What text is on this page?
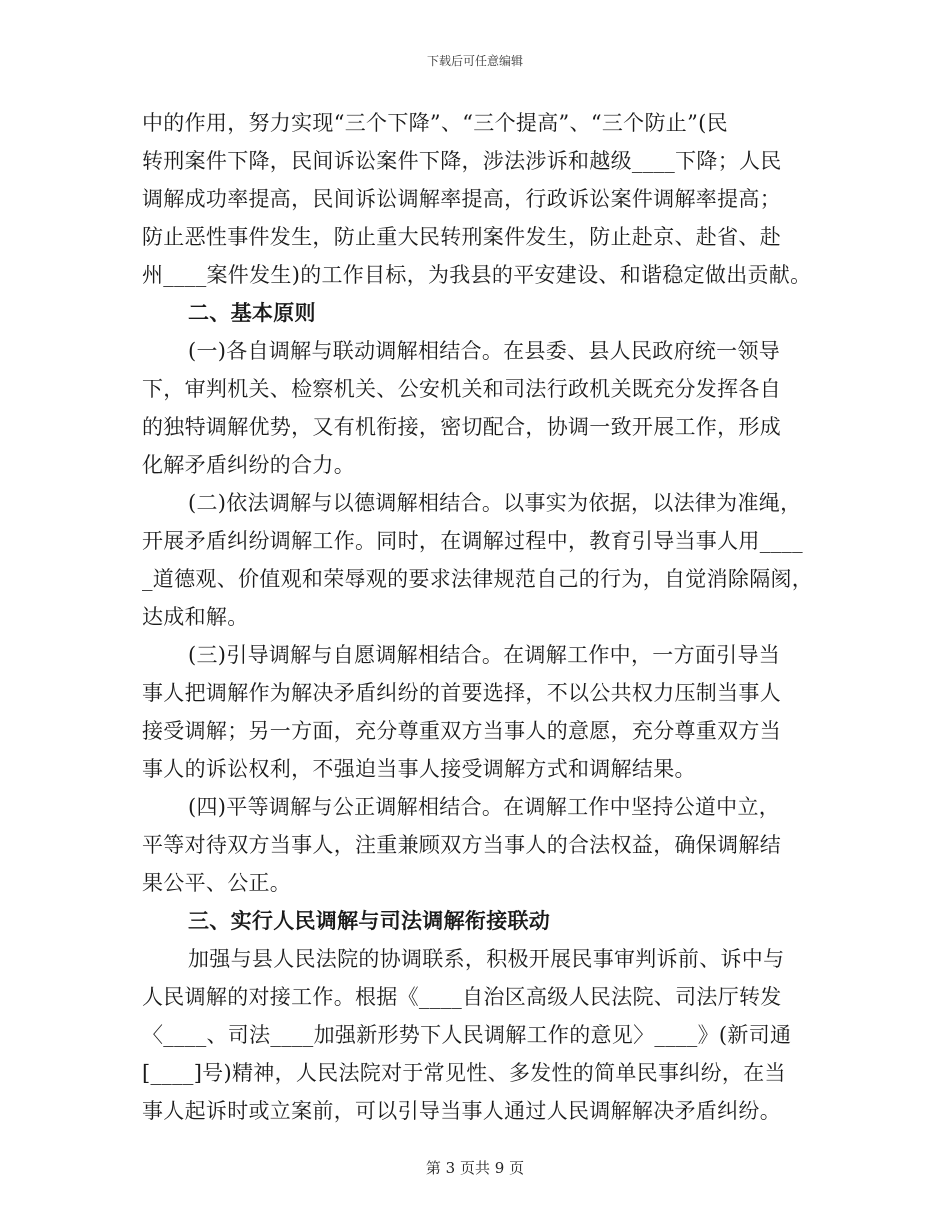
下载后可任意编辑
中的作用，努力实现“三个下降”、“三个提高”、“三个防止”(民
转刑案件下降，民间诉讼案件下降，涉法涉诉和越级____下降；人民
调解成功率提高，民间诉讼调解率提高，行政诉讼案件调解率提高；
防止恶性事件发生，防止重大民转刑案件发生，防止赴京、赴省、赴
州____案件发生)的工作目标，为我县的平安建设、和谐稳定做出贡献。
二、基本原则
(一)各自调解与联动调解相结合。在县委、县人民政府统一领导
下，审判机关、检察机关、公安机关和司法行政机关既充分发挥各自
的独特调解优势，又有机衔接，密切配合，协调一致开展工作，形成
化解矛盾纠纷的合力。
(二)依法调解与以德调解相结合。以事实为依据，以法律为准绳，
开展矛盾纠纷调解工作。同时，在调解过程中，教育引导当事人用____
_道德观、价值观和荣辱观的要求法律规范自己的行为，自觉消除隔阂，
达成和解。
(三)引导调解与自愿调解相结合。在调解工作中，一方面引导当
事人把调解作为解决矛盾纠纷的首要选择，不以公共权力压制当事人
接受调解；另一方面，充分尊重双方当事人的意愿，充分尊重双方当
事人的诉讼权利，不强迫当事人接受调解方式和调解结果。
(四)平等调解与公正调解相结合。在调解工作中坚持公道中立，
平等对待双方当事人，注重兼顾双方当事人的合法权益，确保调解结
果公平、公正。
三、实行人民调解与司法调解衔接联动
加强与县人民法院的协调联系，积极开展民事审判诉前、诉中与
人民调解的对接工作。根据《____自治区高级人民法院、司法厅转发
〈____、司法____加强新形势下人民调解工作的意见〉____》(新司通
[____]号)精神，人民法院对于常见性、多发性的简单民事纠纷，在当
事人起诉时或立案前，可以引导当事人通过人民调解解决矛盾纠纷。
第 3 页共 9 页
